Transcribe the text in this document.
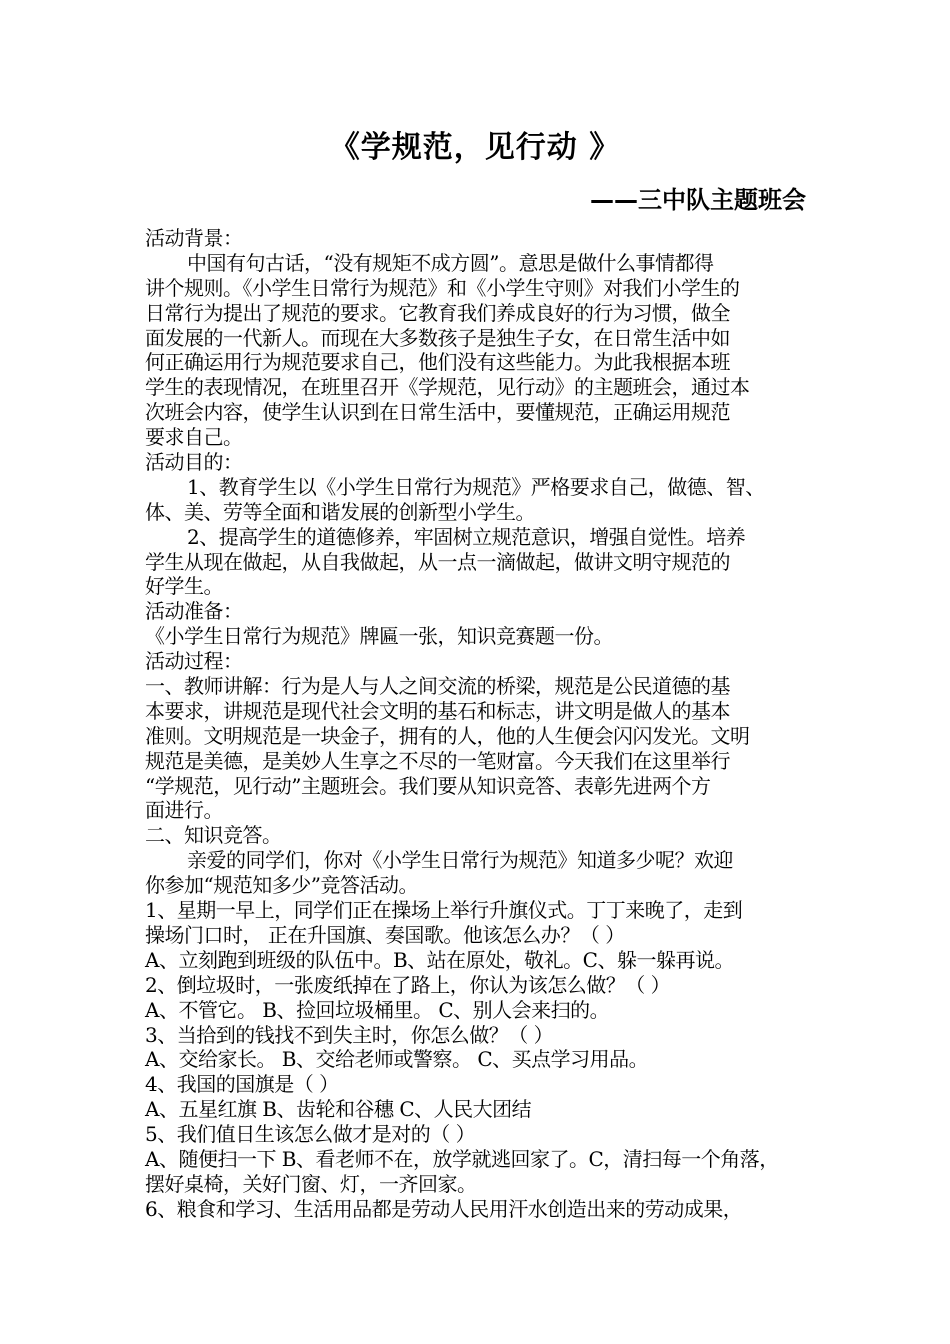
《学规范，见行动 》
——三中队主题班会
活动背景：
中国有句古话，“没有规矩不成方圆”。意思是做什么事情都得
讲个规则。《小学生日常行为规范》和《小学生守则》对我们小学生的
日常行为提出了规范的要求。它教育我们养成良好的行为习惯，做全
面发展的一代新人。而现在大多数孩子是独生子女，在日常生活中如
何正确运用行为规范要求自己，他们没有这些能力。为此我根据本班
学生的表现情况，在班里召开《学规范，见行动》的主题班会，通过本
次班会内容，使学生认识到在日常生活中，要懂规范，正确运用规范
要求自己。
活动目的：
1、教育学生以《小学生日常行为规范》严格要求自己，做德、智、
体、美、劳等全面和谐发展的创新型小学生。
2、提高学生的道德修养，牢固树立规范意识，增强自觉性。培养
学生从现在做起，从自我做起，从一点一滴做起，做讲文明守规范的
好学生。
活动准备：
《小学生日常行为规范》牌匾一张，知识竞赛题一份。
活动过程：
一、教师讲解：行为是人与人之间交流的桥梁，规范是公民道德的基
本要求，讲规范是现代社会文明的基石和标志，讲文明是做人的基本
准则。文明规范是一块金子，拥有的人，他的人生便会闪闪发光。文明
规范是美德，是美妙人生享之不尽的一笔财富。今天我们在这里举行
“学规范，见行动”主题班会。我们要从知识竞答、表彰先进两个方
面进行。
二、知识竞答。
亲爱的同学们，你对《小学生日常行为规范》知道多少呢？欢迎
你参加“规范知多少”竞答活动。
1、星期一早上，同学们正在操场上举行升旗仪式。丁丁来晚了，走到
操场门口时， 正在升国旗、奏国歌。他该怎么办？（ ）
A、立刻跑到班级的队伍中。B、站在原处，敬礼。C、躲一躲再说。
2、倒垃圾时，一张废纸掉在了路上，你认为该怎么做？（ ）
A、不管它。 B、捡回垃圾桶里。 C、别人会来扫的。
3、当拾到的钱找不到失主时，你怎么做？（ ）
A、交给家长。 B、交给老师或警察。 C、买点学习用品。
4、我国的国旗是（ ）
A、五星红旗 B、齿轮和谷穗 C、人民大团结
5、我们值日生该怎么做才是对的（ ）
A、随便扫一下 B、看老师不在，放学就逃回家了。C，清扫每一个角落，
摆好桌椅，关好门窗、灯，一齐回家。
6、粮食和学习、生活用品都是劳动人民用汗水创造出来的劳动成果，
